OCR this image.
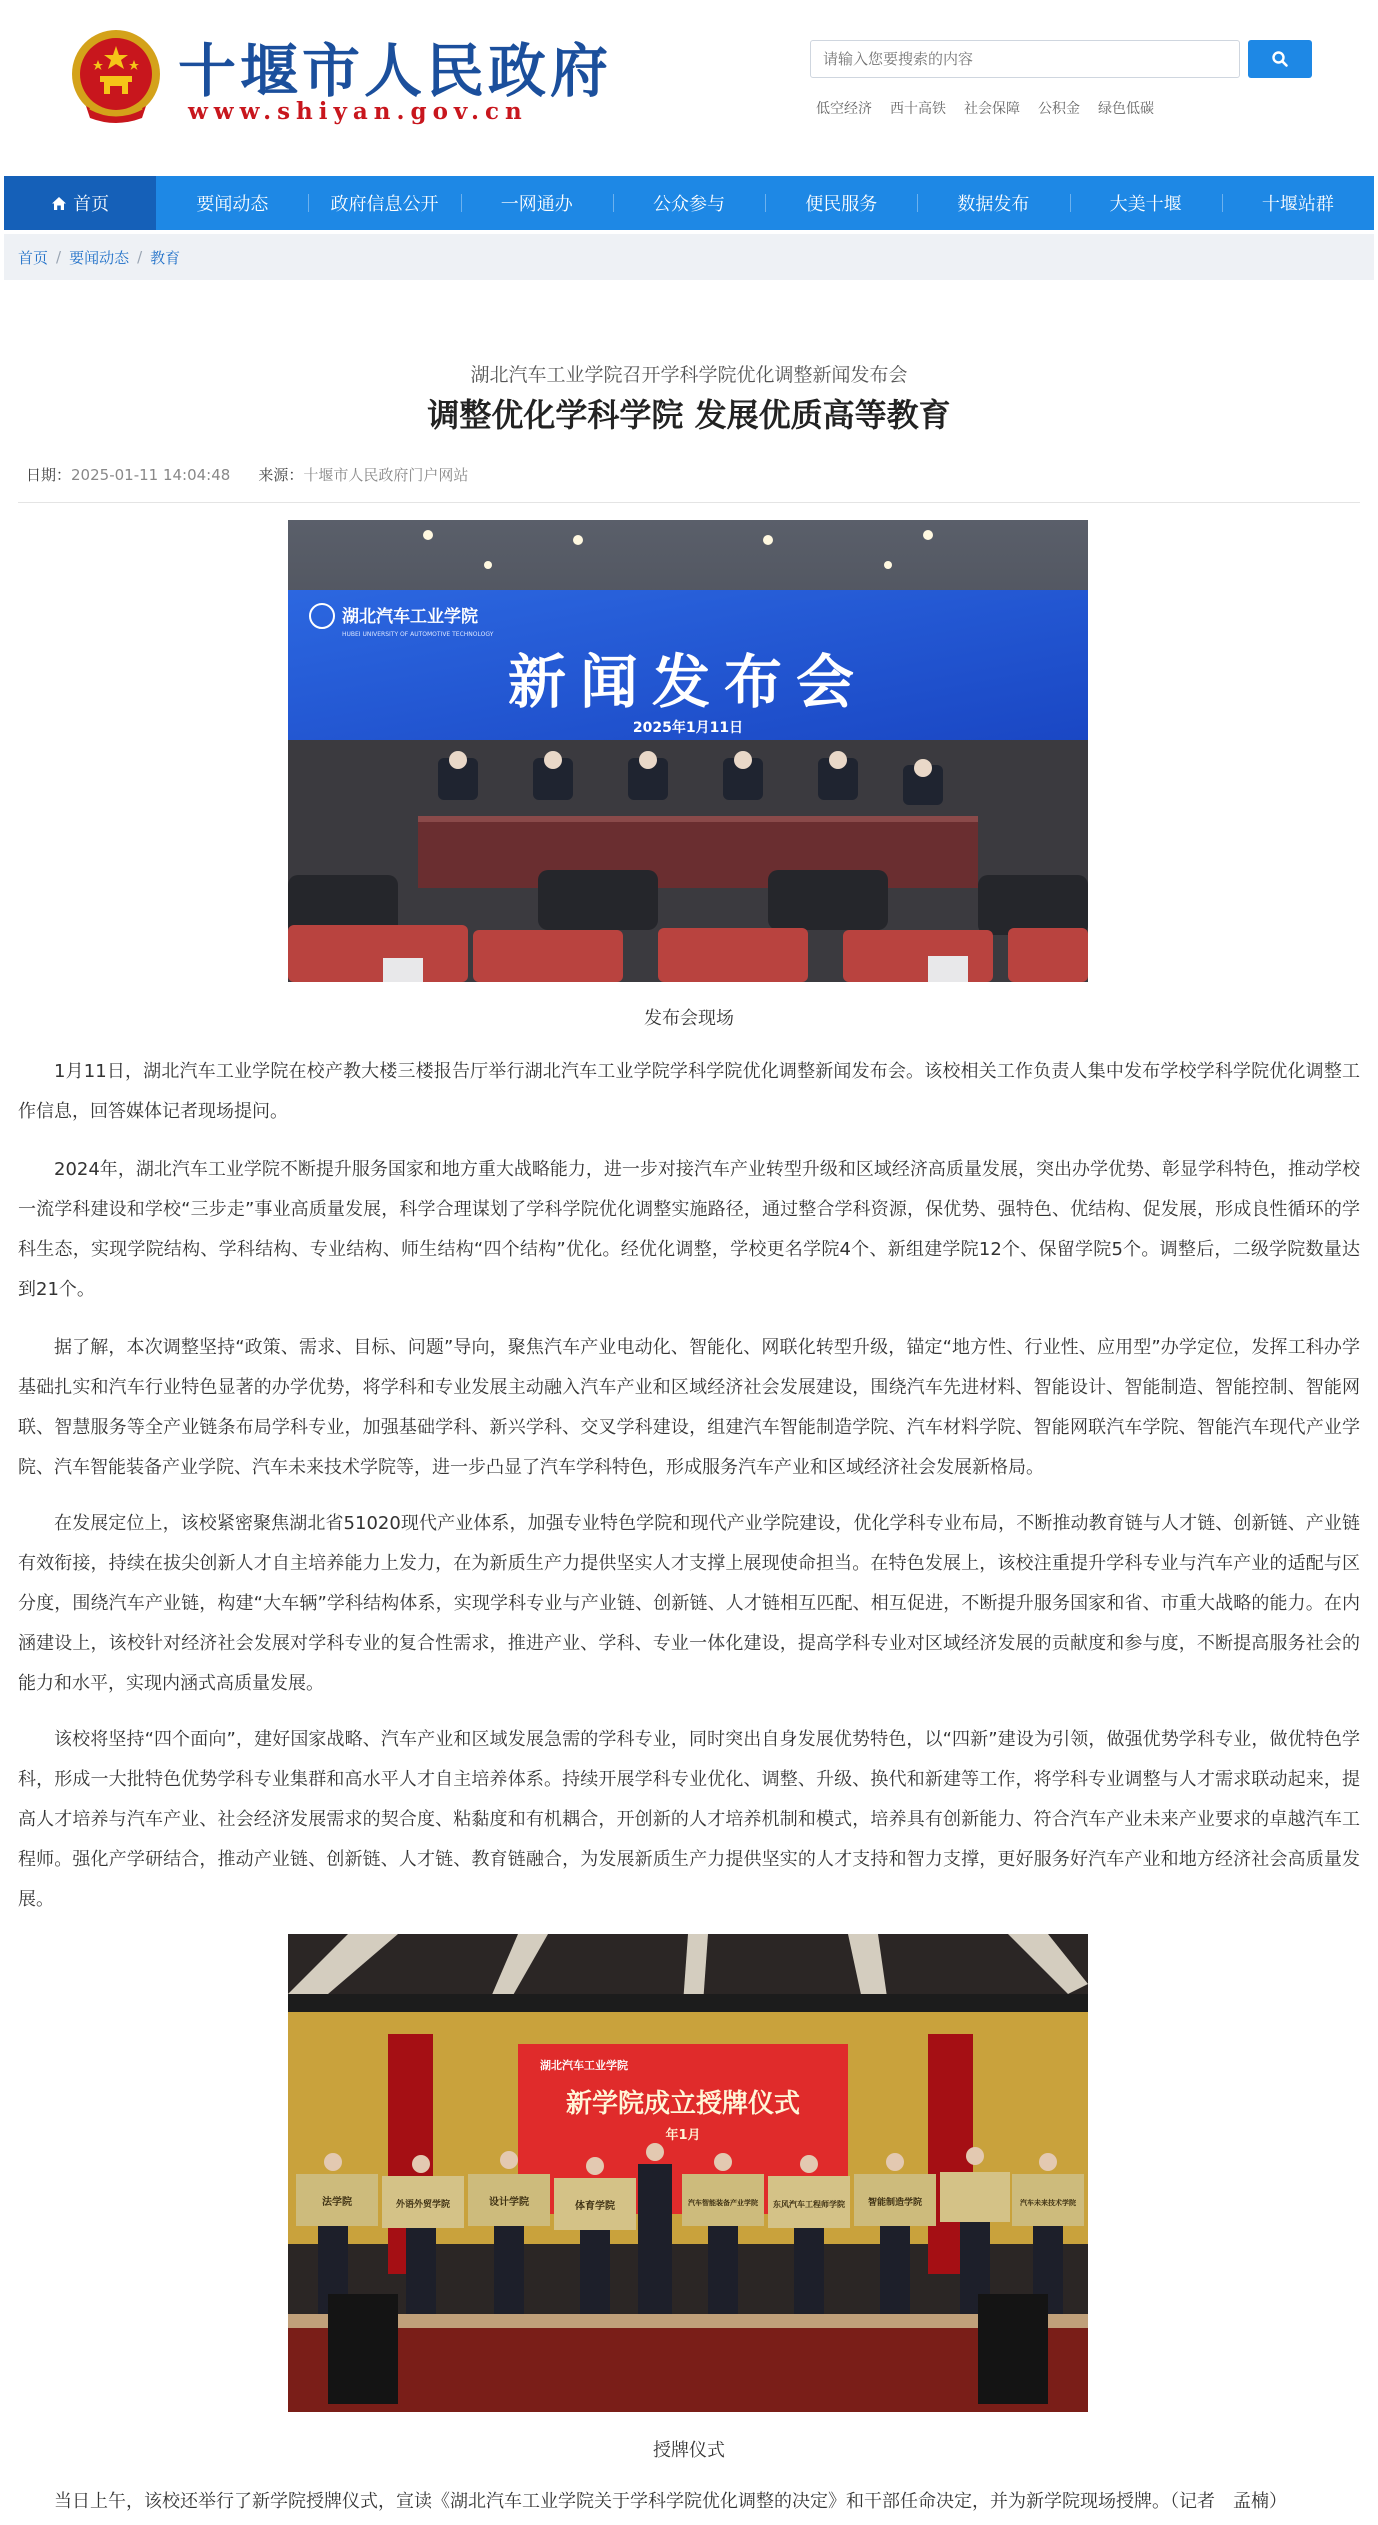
十堰市人民政府
www.shiyan.gov.cn
请输入您要搜索的内容	低空经济 西十高铁 社会保障 公积金 绿色低碳
首页	要闻动态	政府信息公开	一网通办	公众参与	便民服务	数据发布	大美十堰	十堰站群
首页 / 要闻动态 / 教育
湖北汽车工业学院召开学科学院优化调整新闻发布会
调整优化学科学院 发展优质高等教育
日期：2025-01-11 14:04:48 来源：十堰市人民政府门户网站
湖北汽车工业学院
HUBEI UNIVERSITY OF AUTOMOTIVE TECHNOLOGY
新闻发布会
2025年1月11日
发布会现场

1月11日，湖北汽车工业学院在校产教大楼三楼报告厅举行湖北汽车工业学院学科学院优化调整新闻发布会。该校相关工作负责人集中发布学校学科学院优化调整工作信息，回答媒体记者现场提问。

2024年，湖北汽车工业学院不断提升服务国家和地方重大战略能力，进一步对接汽车产业转型升级和区域经济高质量发展，突出办学优势、彰显学科特色，推动学校一流学科建设和学校“三步走”事业高质量发展，科学合理谋划了学科学院优化调整实施路径，通过整合学科资源，保优势、强特色、优结构、促发展，形成良性循环的学科生态，实现学院结构、学科结构、专业结构、师生结构“四个结构”优化。经优化调整，学校更名学院4个、新组建学院12个、保留学院5个。调整后，二级学院数量达到21个。

据了解，本次调整坚持“政策、需求、目标、问题”导向，聚焦汽车产业电动化、智能化、网联化转型升级，锚定“地方性、行业性、应用型”办学定位，发挥工科办学基础扎实和汽车行业特色显著的办学优势，将学科和专业发展主动融入汽车产业和区域经济社会发展建设，围绕汽车先进材料、智能设计、智能制造、智能控制、智能网联、智慧服务等全产业链条布局学科专业，加强基础学科、新兴学科、交叉学科建设，组建汽车智能制造学院、汽车材料学院、智能网联汽车学院、智能汽车现代产业学院、汽车智能装备产业学院、汽车未来技术学院等，进一步凸显了汽车学科特色，形成服务汽车产业和区域经济社会发展新格局。

在发展定位上，该校紧密聚焦湖北省51020现代产业体系，加强专业特色学院和现代产业学院建设，优化学科专业布局，不断推动教育链与人才链、创新链、产业链有效衔接，持续在拔尖创新人才自主培养能力上发力，在为新质生产力提供坚实人才支撑上展现使命担当。在特色发展上，该校注重提升学科专业与汽车产业的适配与区分度，围绕汽车产业链，构建“大车辆”学科结构体系，实现学科专业与产业链、创新链、人才链相互匹配、相互促进，不断提升服务国家和省、市重大战略的能力。在内涵建设上，该校针对经济社会发展对学科专业的复合性需求，推进产业、学科、专业一体化建设，提高学科专业对区域经济发展的贡献度和参与度，不断提高服务社会的能力和水平，实现内涵式高质量发展。

该校将坚持“四个面向”，建好国家战略、汽车产业和区域发展急需的学科专业，同时突出自身发展优势特色，以“四新”建设为引领，做强优势学科专业，做优特色学科，形成一大批特色优势学科专业集群和高水平人才自主培养体系。持续开展学科专业优化、调整、升级、换代和新建等工作，将学科专业调整与人才需求联动起来，提高人才培养与汽车产业、社会经济发展需求的契合度、粘黏度和有机耦合，开创新的人才培养机制和模式，培养具有创新能力、符合汽车产业未来产业要求的卓越汽车工程师。强化产学研结合，推动产业链、创新链、人才链、教育链融合，为发展新质生产力提供坚实的人才支持和智力支撑，更好服务好汽车产业和地方经济社会高质量发展。

湖北汽车工业学院
新学院成立授牌仪式
年1月
法学院	外语外贸学院	设计学院	体育学院	汽车智能装备产业学院 东风汽车工程师学院	智能制造学院	汽车未来技术学院
授牌仪式

当日上午，该校还举行了新学院授牌仪式，宣读《湖北汽车工业学院关于学科学院优化调整的决定》和干部任命决定，并为新学院现场授牌。（记者　孟楠）
